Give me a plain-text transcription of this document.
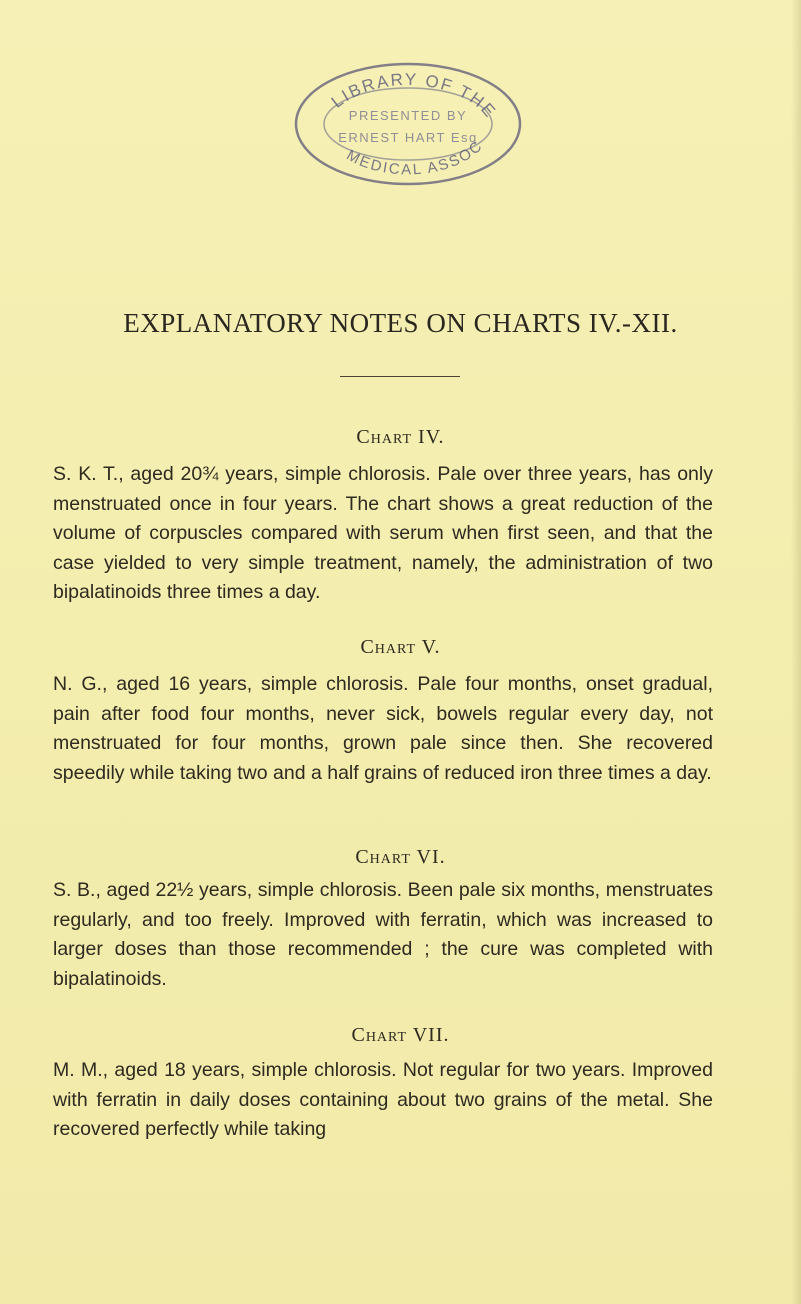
LIBRARY OF THE
MEDICAL ASSOC
PRESENTED BY
ERNEST HART Esq
EXPLANATORY NOTES ON CHARTS IV.-XII.
Chart IV.

S. K. T., aged 20¾ years, simple chlorosis. Pale over three years, has only menstruated once in four years. The chart shows a great reduction of the volume of corpuscles compared with serum when first seen, and that the case yielded to very simple treatment, namely, the administration of two bipalatinoids three times a day.

Chart V.

N. G., aged 16 years, simple chlorosis. Pale four months, onset gradual, pain after food four months, never sick, bowels regular every day, not menstruated for four months, grown pale since then. She recovered speedily while taking two and a half grains of reduced iron three times a day.

Chart VI.

S. B., aged 22½ years, simple chlorosis. Been pale six months, menstruates regularly, and too freely. Improved with ferratin, which was increased to larger doses than those recommended ; the cure was completed with bipalatinoids.

Chart VII.

M. M., aged 18 years, simple chlorosis. Not regular for two years. Improved with ferratin in daily doses containing about two grains of the metal. She recovered perfectly while taking
